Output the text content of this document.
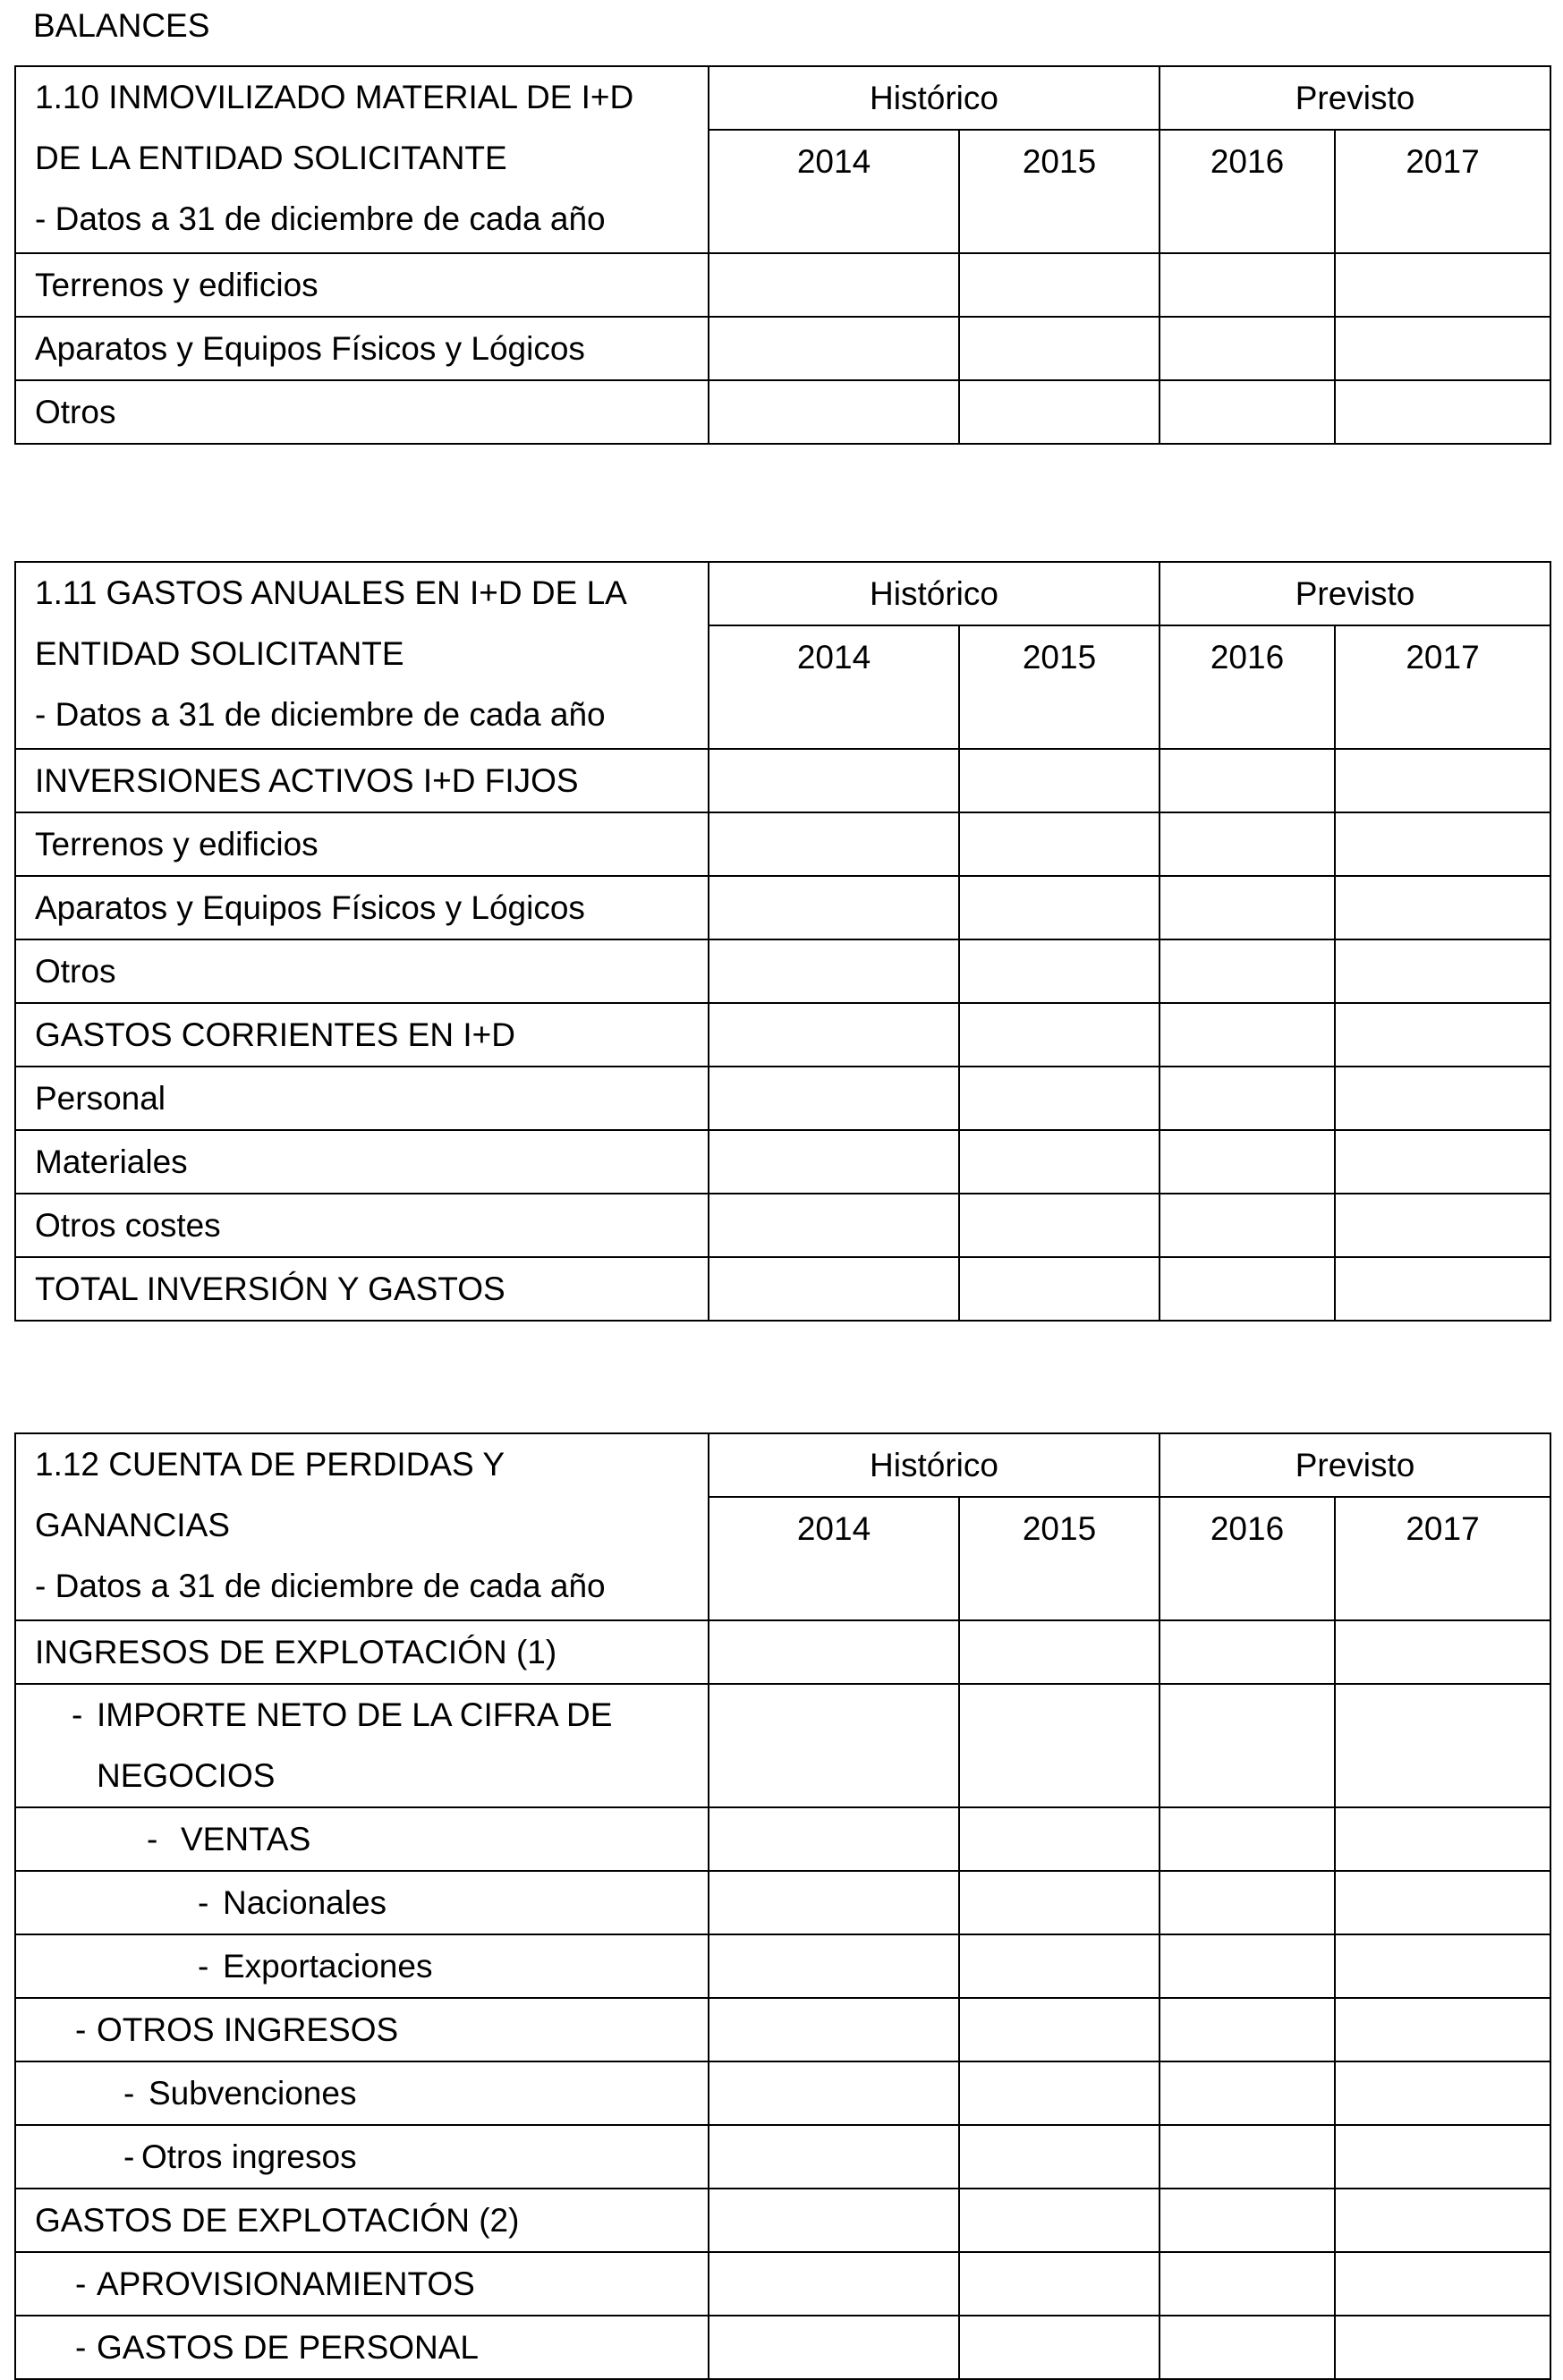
BALANCES
1.10 INMOVILIZADO MATERIAL DE I+D
DE LA ENTIDAD SOLICITANTE
- Datos a 31 de diciembre de cada año	Histórico		Previsto	
	2014	2015	2016	2017
Terrenos y edificios				
Aparatos y Equipos Físicos y Lógicos				
Otros				
1.11 GASTOS ANUALES EN I+D DE LA
ENTIDAD SOLICITANTE
- Datos a 31 de diciembre de cada año	Histórico		Previsto	
	2014	2015	2016	2017
INVERSIONES ACTIVOS I+D FIJOS				
Terrenos y edificios				
Aparatos y Equipos Físicos y Lógicos				
Otros				
GASTOS CORRIENTES EN I+D				
Personal				
Materiales				
Otros costes				
TOTAL INVERSIÓN Y GASTOS				
1.12 CUENTA DE PERDIDAS Y
GANANCIAS
- Datos a 31 de diciembre de cada año	Histórico		Previsto	
	2014	2015	2016	2017
INGRESOS DE EXPLOTACIÓN (1)				

- IMPORTE NETO DE LA CIFRA DE
NEGOCIOS				

- VENTAS				
- Nacionales				
- Exportaciones				
- OTROS INGRESOS				
- Subvenciones				
- Otros ingresos				
GASTOS DE EXPLOTACIÓN (2)				
- APROVISIONAMIENTOS				
- GASTOS DE PERSONAL				
